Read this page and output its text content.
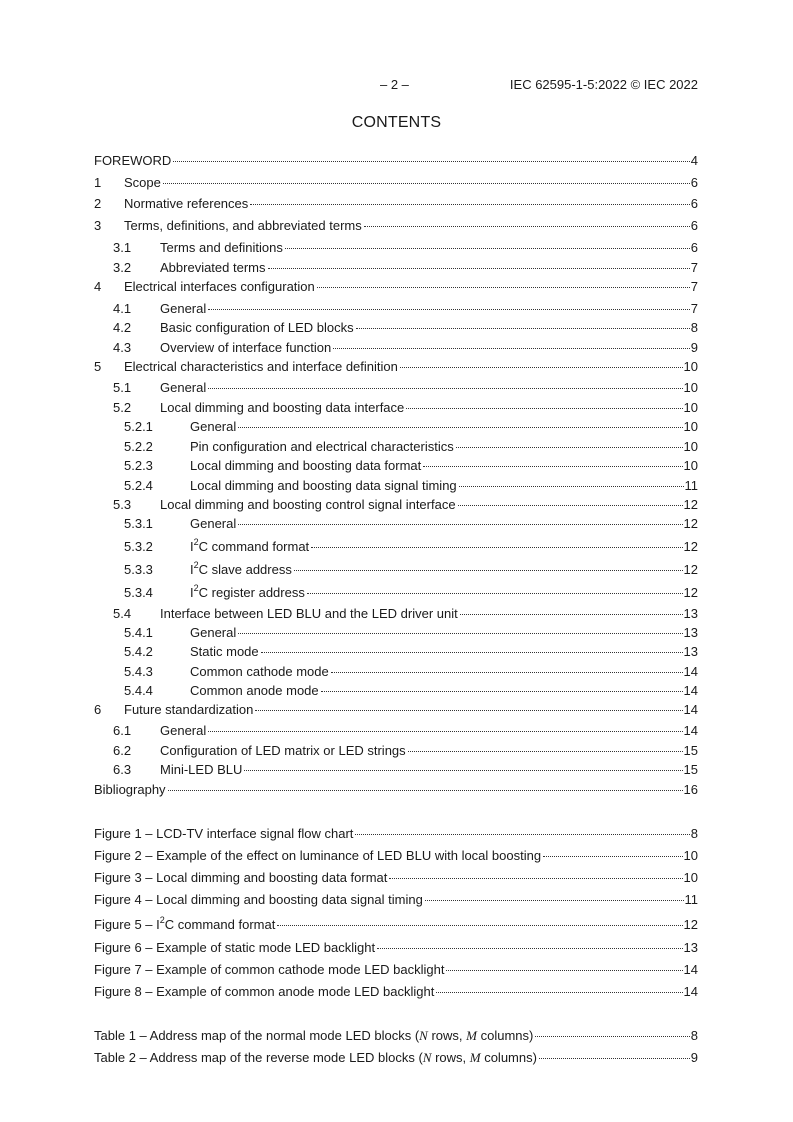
– 2 –	IEC 62595-1-5:2022 © IEC 2022
CONTENTS
FOREWORD	4
1	Scope	6
2	Normative references	6
3	Terms, definitions, and abbreviated terms	6
3.1	Terms and definitions	6
3.2	Abbreviated terms	7
4	Electrical interfaces configuration	7
4.1	General	7
4.2	Basic configuration of LED blocks	8
4.3	Overview of interface function	9
5	Electrical characteristics and interface definition	10
5.1	General	10
5.2	Local dimming and boosting data interface	10
5.2.1	General	10
5.2.2	Pin configuration and electrical characteristics	10
5.2.3	Local dimming and boosting data format	10
5.2.4	Local dimming and boosting data signal timing	11
5.3	Local dimming and boosting control signal interface	12
5.3.1	General	12
5.3.2	$I^2C$ command format	12
5.3.3	$I^2C$ slave address	12
5.3.4	$I^2C$ register address	12
5.4	Interface between LED BLU and the LED driver unit	13
5.4.1	General	13
5.4.2	Static mode	13
5.4.3	Common cathode mode	14
5.4.4	Common anode mode	14
6	Future standardization	14
6.1	General	14
6.2	Configuration of LED matrix or LED strings	15
6.3	Mini-LED BLU	15
Bibliography	16
Figure 1 – LCD-TV interface signal flow chart	8
Figure 2 – Example of the effect on luminance of LED BLU with local boosting	10
Figure 3 – Local dimming and boosting data format	10
Figure 4 – Local dimming and boosting data signal timing	11
Figure $5 - I^2C$ command format	12
Figure 6 – Example of static mode LED backlight	13
Figure 7 – Example of common cathode mode LED backlight	14
Figure 8 – Example of common anode mode LED backlight	14
Table 1 – Address map of the normal mode LED blocks (N rows, M columns)	8
Table 2 – Address map of the reverse mode LED blocks (N rows, M columns)	9
